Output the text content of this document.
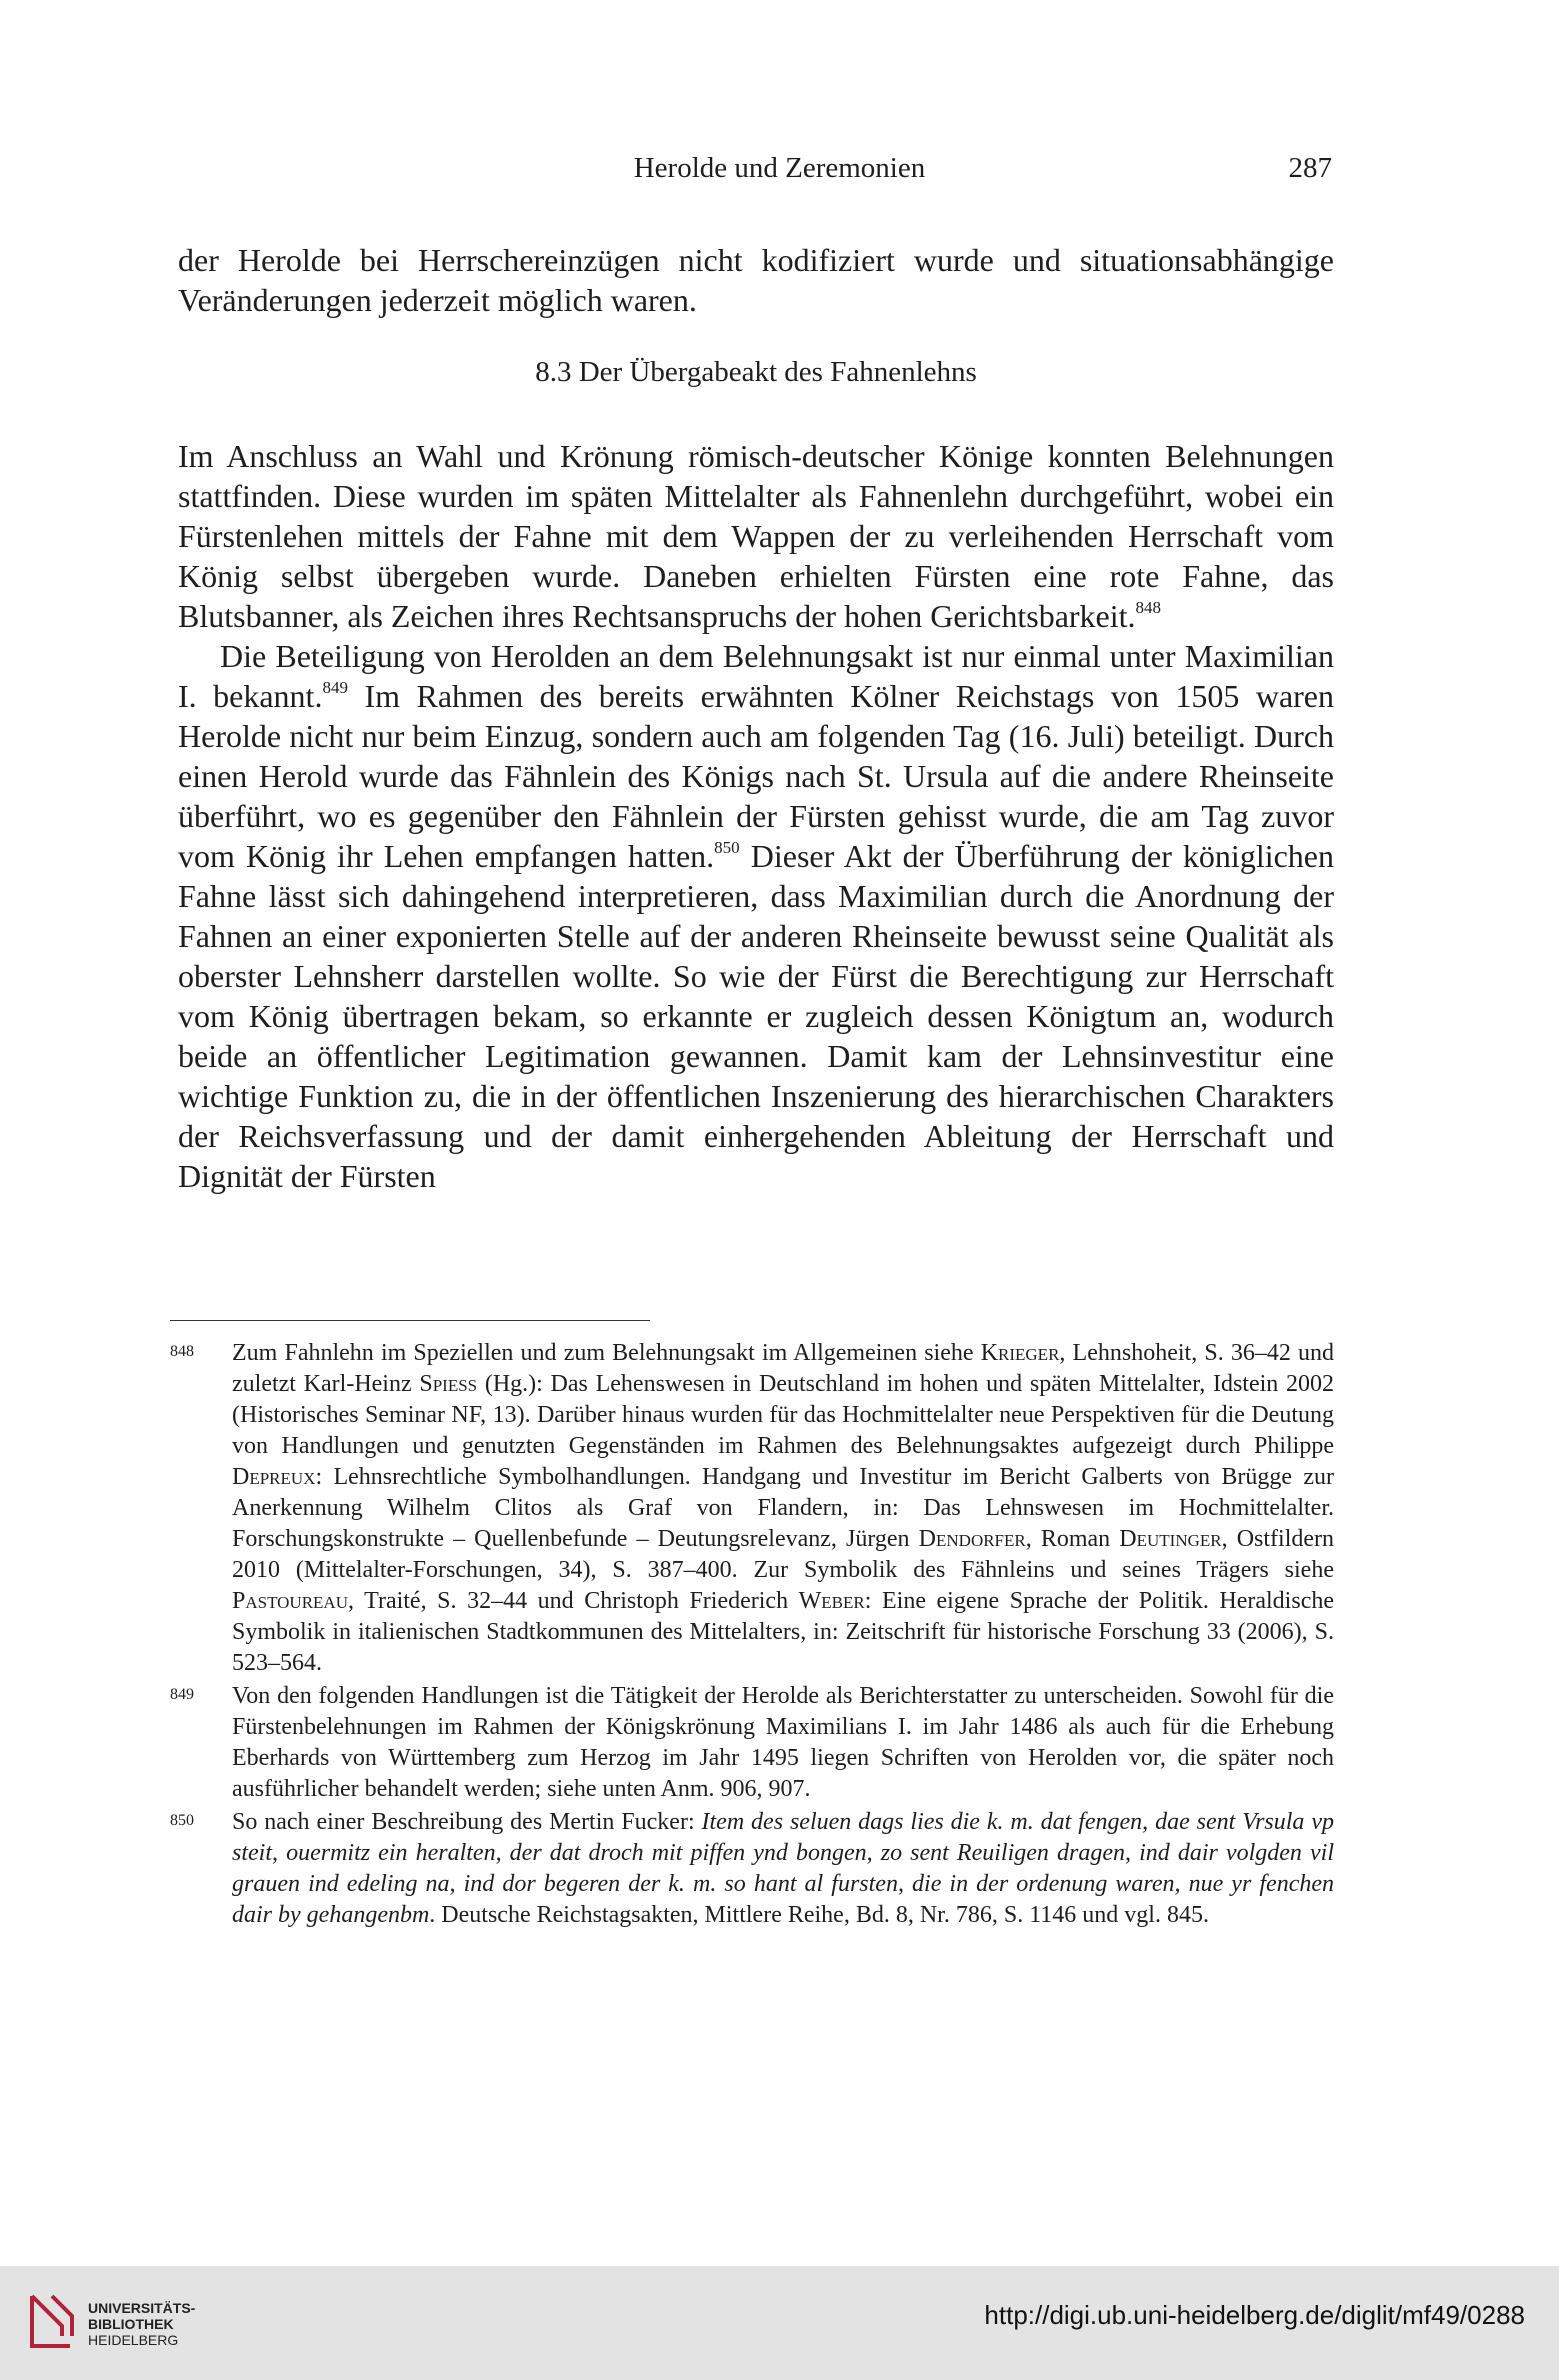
Herolde und Zeremonien	287

der Herolde bei Herrschereinzügen nicht kodifiziert wurde und situationsabhängige Veränderungen jederzeit möglich waren.

8.3 Der Übergabeakt des Fahnenlehns

Im Anschluss an Wahl und Krönung römisch-deutscher Könige konnten Belehnungen stattfinden. Diese wurden im späten Mittelalter als Fahnenlehn durchgeführt, wobei ein Fürstenlehen mittels der Fahne mit dem Wappen der zu verleihenden Herrschaft vom König selbst übergeben wurde. Daneben erhielten Fürsten eine rote Fahne, das Blutsbanner, als Zeichen ihres Rechtsanspruchs der hohen Gerichtsbarkeit.$^{848}$

Die Beteiligung von Herolden an dem Belehnungsakt ist nur einmal unter Maximilian I. bekannt.$^{849}$ Im Rahmen des bereits erwähnten Kölner Reichstags von 1505 waren Herolde nicht nur beim Einzug, sondern auch am folgenden Tag (16. Juli) beteiligt. Durch einen Herold wurde das Fähnlein des Königs nach St. Ursula auf die andere Rheinseite überführt, wo es gegenüber den Fähnlein der Fürsten gehisst wurde, die am Tag zuvor vom König ihr Lehen empfangen hatten.$^{850}$ Dieser Akt der Überführung der königlichen Fahne lässt sich dahingehend interpretieren, dass Maximilian durch die Anordnung der Fahnen an einer exponierten Stelle auf der anderen Rheinseite bewusst seine Qualität als oberster Lehnsherr darstellen wollte. So wie der Fürst die Berechtigung zur Herrschaft vom König übertragen bekam, so erkannte er zugleich dessen Königtum an, wodurch beide an öffentlicher Legitimation gewannen. Damit kam der Lehnsinvestitur eine wichtige Funktion zu, die in der öffentlichen Inszenierung des hierarchischen Charakters der Reichsverfassung und der damit einhergehenden Ableitung der Herrschaft und Dignität der Fürsten

848 Zum Fahnlehn im Speziellen und zum Belehnungsakt im Allgemeinen siehe Krieger, Lehnshoheit, S. 36–42 und zuletzt Karl-Heinz Spiess (Hg.): Das Lehenswesen in Deutschland im hohen und späten Mittelalter, Idstein 2002 (Historisches Seminar NF, 13). Darüber hinaus wurden für das Hochmittelalter neue Perspektiven für die Deutung von Handlungen und genutzten Gegenständen im Rahmen des Belehnungsaktes aufgezeigt durch Philippe Depreux: Lehnsrechtliche Symbolhandlungen. Handgang und Investitur im Bericht Galberts von Brügge zur Anerkennung Wilhelm Clitos als Graf von Flandern, in: Das Lehnswesen im Hochmittelalter. Forschungskonstrukte – Quellenbefunde – Deutungsrelevanz, Jürgen Dendorfer, Roman Deutinger, Ostfildern 2010 (Mittelalter-Forschungen, 34), S. 387–400. Zur Symbolik des Fähnleins und seines Trägers siehe Pastoureau, Traité, S. 32–44 und Christoph Friederich Weber: Eine eigene Sprache der Politik. Heraldische Symbolik in italienischen Stadtkommunen des Mittelalters, in: Zeitschrift für historische Forschung 33 (2006), S. 523–564.
849 Von den folgenden Handlungen ist die Tätigkeit der Herolde als Berichterstatter zu unterscheiden. Sowohl für die Fürstenbelehnungen im Rahmen der Königskrönung Maximilians I. im Jahr 1486 als auch für die Erhebung Eberhards von Württemberg zum Herzog im Jahr 1495 liegen Schriften von Herolden vor, die später noch ausführlicher behandelt werden; siehe unten Anm. 906, 907.
850 So nach einer Beschreibung des Mertin Fucker: Item des seluen dags lies die k. m. dat fengen, dae sent Vrsula vp steit, ouermitz ein heralten, der dat droch mit piffen ynd bongen, zo sent Reuiligen dragen, ind dair volgden vil grauen ind edeling na, ind dor begeren der k. m. so hant al fursten, die in der ordenung waren, nue yr fenchen dair by gehangenbm. Deutsche Reichstagsakten, Mittlere Reihe, Bd. 8, Nr. 786, S. 1146 und vgl. 845.
UNIVERSITÄTS-
BIBLIOTHEK
HEIDELBERG
http://digi.ub.uni-heidelberg.de/diglit/mf49/0288
